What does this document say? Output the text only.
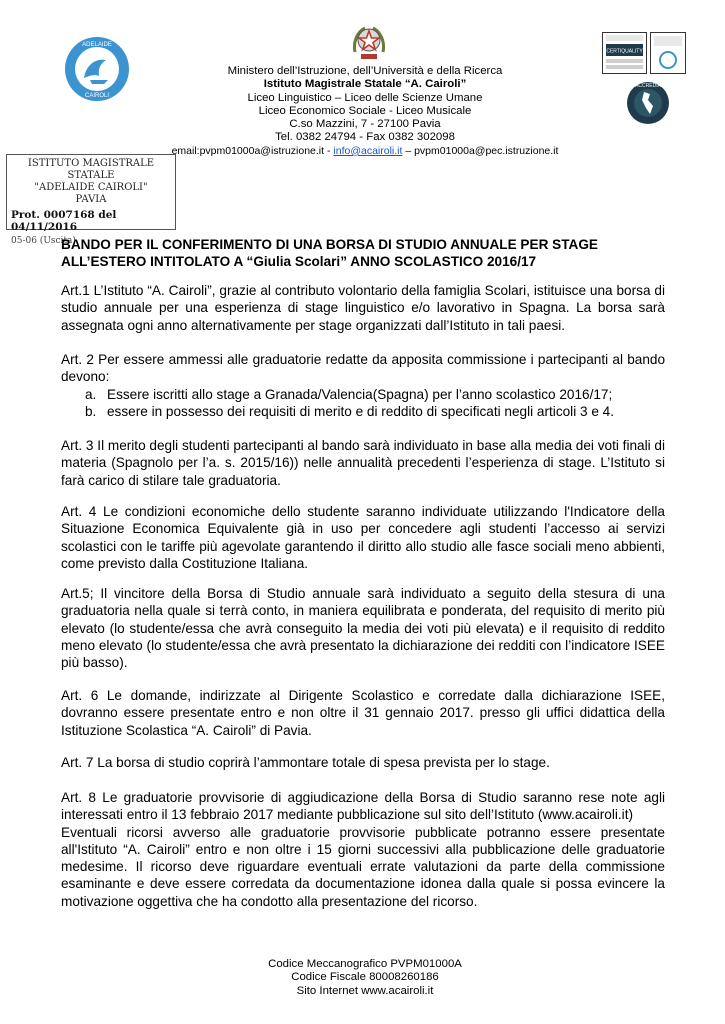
ADELAIDE
CAIROLI
CERTIQUALITY
ACCREDIA
Ministero dell’Istruzione, dell’Università e della Ricerca
Istituto Magistrale Statale “A. Cairoli”
Liceo Linguistico – Liceo delle Scienze Umane
Liceo Economico Sociale - Liceo Musicale
C.so Mazzini, 7 - 27100 Pavia
Tel. 0382 24794 - Fax 0382 302098
email:pvpm01000a@istruzione.it - info@acairoli.it – pvpm01000a@pec.istruzione.it
ISTITUTO MAGISTRALE STATALE
"ADELAIDE CAIROLI"
PAVIA
Prot. 0007168 del 04/11/2016
05-06 (Uscita)
BANDO PER IL CONFERIMENTO DI UNA BORSA DI STUDIO ANNUALE PER STAGE ALL’ESTERO INTITOLATO A “Giulia Scolari” ANNO SCOLASTICO 2016/17

Art.1 L’Istituto “A. Cairoli”, grazie al contributo volontario della famiglia Scolari, istituisce una borsa di studio annuale per una esperienza di stage linguistico e/o lavorativo in Spagna. La borsa sarà assegnata ogni anno alternativamente per stage organizzati dall’Istituto in tali paesi.

Art. 2 Per essere ammessi alle graduatorie redatte da apposita commissione i partecipanti al bando devono:

a. Essere iscritti allo stage a Granada/Valencia(Spagna) per l’anno scolastico 2016/17;
b. essere in possesso dei requisiti di merito e di reddito di specificati negli articoli 3 e 4.

Art. 3 Il merito degli studenti partecipanti al bando sarà individuato in base alla media dei voti finali di materia (Spagnolo per l’a. s. 2015/16)) nelle annualità precedenti l’esperienza di stage. L’Istituto si farà carico di stilare tale graduatoria.

Art. 4 Le condizioni economiche dello studente saranno individuate utilizzando l'Indicatore della Situazione Economica Equivalente già in uso per concedere agli studenti l’accesso ai servizi scolastici con le tariffe più agevolate garantendo il diritto allo studio alle fasce sociali meno abbienti, come previsto dalla Costituzione Italiana.

Art.5; Il vincitore della Borsa di Studio annuale sarà individuato a seguito della stesura di una graduatoria nella quale si terrà conto, in maniera equilibrata e ponderata, del requisito di merito più elevato (lo studente/essa che avrà conseguito la media dei voti più elevata) e il requisito di reddito meno elevato (lo studente/essa che avrà presentato la dichiarazione dei redditi con l’indicatore ISEE più basso).

Art. 6 Le domande, indirizzate al Dirigente Scolastico e corredate dalla dichiarazione ISEE, dovranno essere presentate entro e non oltre il 31 gennaio 2017. presso gli uffici didattica della Istituzione Scolastica “A. Cairoli” di Pavia.

Art. 7 La borsa di studio coprirà l’ammontare totale di spesa prevista per lo stage.

Art. 8 Le graduatorie provvisorie di aggiudicazione della Borsa di Studio saranno rese note agli interessati entro il 13 febbraio 2017 mediante pubblicazione sul sito dell’Istituto (www.acairoli.it)

Eventuali ricorsi avverso alle graduatorie provvisorie pubblicate potranno essere presentate all'Istituto “A. Cairoli” entro e non oltre i 15 giorni successivi alla pubblicazione delle graduatorie medesime. Il ricorso deve riguardare eventuali errate valutazioni da parte della commissione esaminante e deve essere corredata da documentazione idonea dalla quale si possa evincere la motivazione oggettiva che ha condotto alla presentazione del ricorso.

Codice Meccanografico PVPM01000A
Codice Fiscale 80008260186
Sito Internet www.acairoli.it
